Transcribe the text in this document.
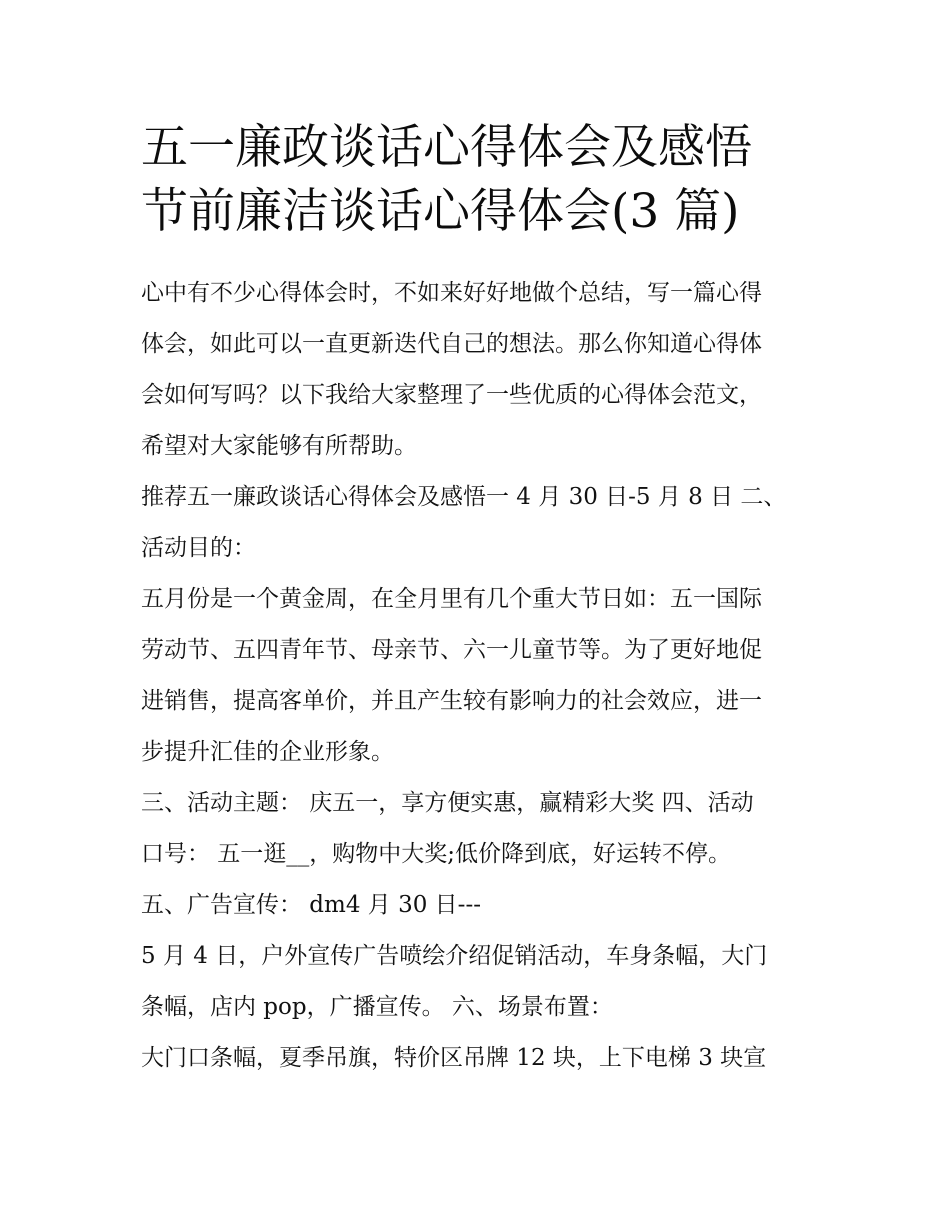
五一廉政谈话心得体会及感悟
节前廉洁谈话心得体会(3 篇)

心中有不少心得体会时，不如来好好地做个总结，写一篇心得
体会，如此可以一直更新迭代自己的想法。那么你知道心得体
会如何写吗？以下我给大家整理了一些优质的心得体会范文，
希望对大家能够有所帮助。

推荐五一廉政谈话心得体会及感悟一 4 月 30 日-5 月 8 日 二、
活动目的：

五月份是一个黄金周，在全月里有几个重大节日如：五一国际
劳动节、五四青年节、母亲节、六一儿童节等。为了更好地促
进销售，提高客单价，并且产生较有影响力的社会效应，进一
步提升汇佳的企业形象。

三、活动主题： 庆五一，享方便实惠，赢精彩大奖 四、活动
口号： 五一逛__，购物中大奖;低价降到底，好运转不停。

五、广告宣传： dm4 月 30 日---

5 月 4 日，户外宣传广告喷绘介绍促销活动，车身条幅，大门
条幅，店内 pop，广播宣传。 六、场景布置：

大门口条幅，夏季吊旗，特价区吊牌 12 块，上下电梯 3 块宣
